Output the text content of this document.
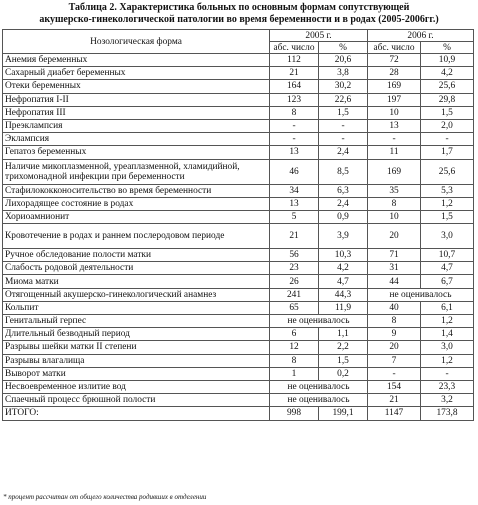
Таблица 2. Характеристика больных по основным формам сопутствующей
акушерско-гинекологической патологии во время беременности и в родах (2005-2006гг.)
Нозологическая форма	2005 г.		2006 г.	
	абс. число	%	абс. число	%
Анемия беременных	112	20,6	72	10,9
Сахарный диабет беременных	21	3,8	28	4,2
Отеки беременных	164	30,2	169	25,6
Нефропатия I-II	123	22,6	197	29,8
Нефропатия III	8	1,5	10	1,5
Преэклампсия	-	-	13	2,0
Эклампсия	-	-	-	-
Гепатоз беременных	13	2,4	11	1,7
Наличие микоплазменной, уреаплазменной, хламидийной, трихомонадной инфекции при беременности	46	8,5	169	25,6
Стафилококконосительство во время беременности	34	6,3	35	5,3
Лихорадящее состояние в родах	13	2,4	8	1,2
Хориоамнионит	5	0,9	10	1,5
Кровотечение в родах и раннем послеродовом периоде	21	3,9	20	3,0
Ручное обследование полости матки	56	10,3	71	10,7
Слабость родовой деятельности	23	4,2	31	4,7
Миома матки	26	4,7	44	6,7
Отягощенный акушерско-гинекологический анамнез	241	44,3	не оценивалось	
Кольпит	65	11,9	40	6,1
Генитальный герпес	не оценивалось		8	1,2
Длительный безводный период	6	1,1	9	1,4
Разрывы шейки матки II степени	12	2,2	20	3,0
Разрывы влагалища	8	1,5	7	1,2
Выворот матки	1	0,2	-	-
Несвоевременное излитие вод	не оценивалось		154	23,3
Спаечный процесс брюшной полости	не оценивалось		21	3,2
ИТОГО:	998	199,1	1147	173,8
* процент рассчитан от общего количества родивших в отделении
